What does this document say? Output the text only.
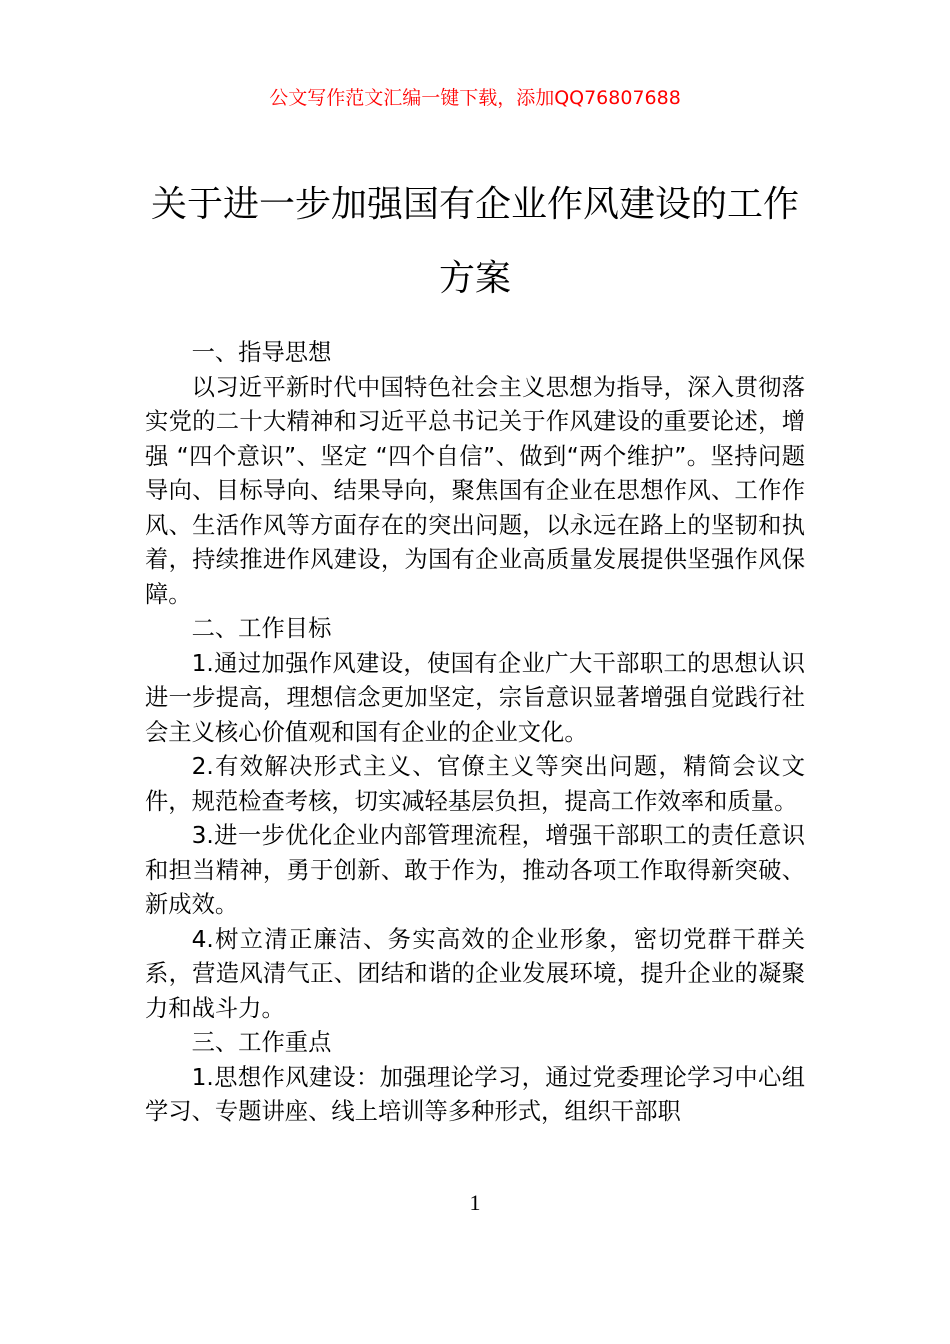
公文写作范文汇编一键下载，添加QQ76807688
关于进一步加强国有企业作风建设的工作方案

一、指导思想

以习近平新时代中国特色社会主义思想为指导，深入贯彻落实党的二十大精神和习近平总书记关于作风建设的重要论述，增强 “四个意识”、坚定 “四个自信”、做到“两个维护”。坚持问题导向、目标导向、结果导向，聚焦国有企业在思想作风、工作作风、生活作风等方面存在的突出问题，以永远在路上的坚韧和执着，持续推进作风建设，为国有企业高质量发展提供坚强作风保障。

二、工作目标

1.通过加强作风建设，使国有企业广大干部职工的思想认识进一步提高，理想信念更加坚定，宗旨意识显著增强自觉践行社会主义核心价值观和国有企业的企业文化。

2.有效解决形式主义、官僚主义等突出问题，精简会议文件，规范检查考核，切实减轻基层负担，提高工作效率和质量。

3.进一步优化企业内部管理流程，增强干部职工的责任意识和担当精神，勇于创新、敢于作为，推动各项工作取得新突破、新成效。

4.树立清正廉洁、务实高效的企业形象，密切党群干群关系，营造风清气正、团结和谐的企业发展环境，提升企业的凝聚力和战斗力。

三、工作重点

1.思想作风建设：加强理论学习，通过党委理论学习中心组学习、专题讲座、线上培训等多种形式，组织干部职

1
